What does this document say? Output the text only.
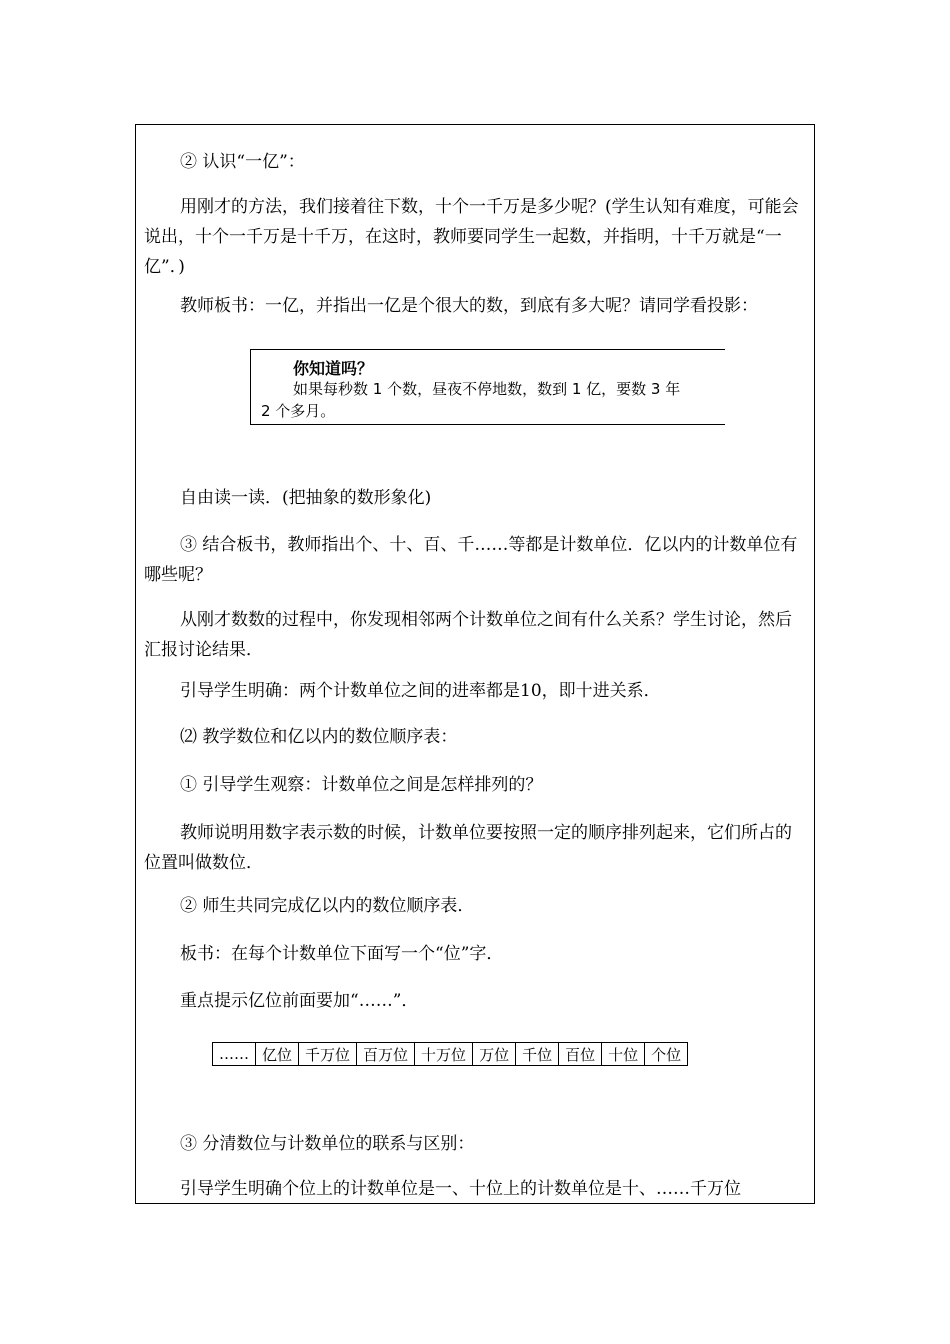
② 认识“一亿”：
用刚才的方法，我们接着往下数，十个一千万是多少呢？(学生认知有难度，可能会说出，十个一千万是十千万，在这时，教师要同学生一起数，并指明，十千万就是“一亿”．)
教师板书：一亿，并指出一亿是个很大的数，到底有多大呢？请同学看投影：
你知道吗？
如果每秒数 1 个数，昼夜不停地数，数到 1 亿，要数 3 年
2 个多月。
自由读一读．(把抽象的数形象化)
③ 结合板书，教师指出个、十、百、千……等都是计数单位．亿以内的计数单位有哪些呢？
从刚才数数的过程中，你发现相邻两个计数单位之间有什么关系？学生讨论，然后汇报讨论结果．
引导学生明确：两个计数单位之间的进率都是10，即十进关系．
⑵ 教学数位和亿以内的数位顺序表：
① 引导学生观察：计数单位之间是怎样排列的？
教师说明用数字表示数的时候，计数单位要按照一定的顺序排列起来，它们所占的位置叫做数位．
② 师生共同完成亿以内的数位顺序表．
板书：在每个计数单位下面写一个“位”字．
重点提示亿位前面要加“……”．
……	亿位	千万位	百万位	十万位	万位	千位	百位	十位	个位
③ 分清数位与计数单位的联系与区别：
引导学生明确个位上的计数单位是一、十位上的计数单位是十、……千万位
